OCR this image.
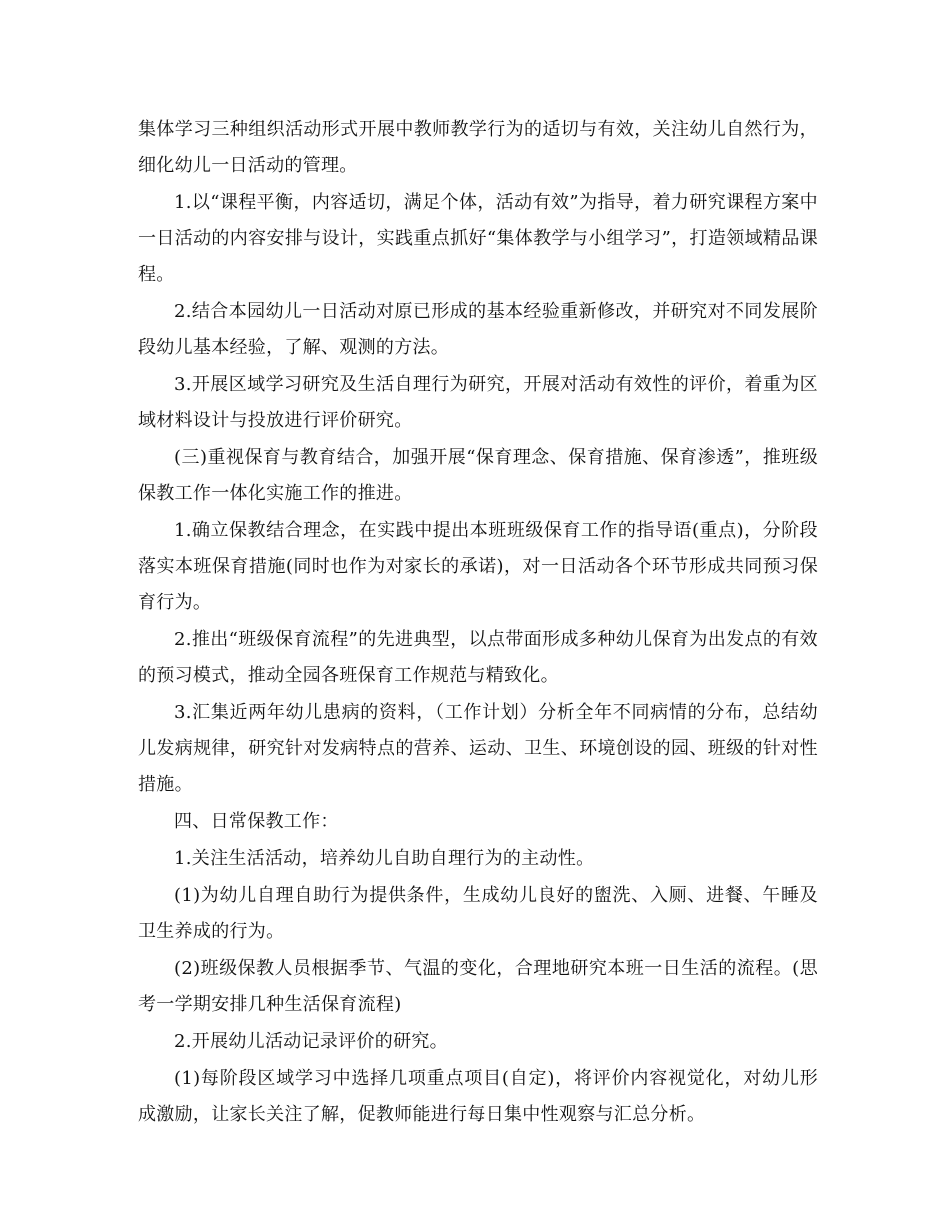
集体学习三种组织活动形式开展中教师教学行为的适切与有效，关注幼儿自然行为，细化幼儿一日活动的管理。

1.以“课程平衡，内容适切，满足个体，活动有效”为指导，着力研究课程方案中一日活动的内容安排与设计，实践重点抓好“集体教学与小组学习”，打造领域精品课程。

2.结合本园幼儿一日活动对原已形成的基本经验重新修改，并研究对不同发展阶段幼儿基本经验，了解、观测的方法。

3.开展区域学习研究及生活自理行为研究，开展对活动有效性的评价，着重为区域材料设计与投放进行评价研究。

(三)重视保育与教育结合，加强开展“保育理念、保育措施、保育渗透”，推班级保教工作一体化实施工作的推进。

1.确立保教结合理念，在实践中提出本班班级保育工作的指导语(重点)，分阶段落实本班保育措施(同时也作为对家长的承诺)，对一日活动各个环节形成共同预习保育行为。

2.推出“班级保育流程”的先进典型，以点带面形成多种幼儿保育为出发点的有效的预习模式，推动全园各班保育工作规范与精致化。

3.汇集近两年幼儿患病的资料，（工作计划）分析全年不同病情的分布，总结幼儿发病规律，研究针对发病特点的营养、运动、卫生、环境创设的园、班级的针对性措施。

四、日常保教工作：

1.关注生活活动，培养幼儿自助自理行为的主动性。

(1)为幼儿自理自助行为提供条件，生成幼儿良好的盥洗、入厕、进餐、午睡及卫生养成的行为。

(2)班级保教人员根据季节、气温的变化，合理地研究本班一日生活的流程。(思考一学期安排几种生活保育流程)

2.开展幼儿活动记录评价的研究。

(1)每阶段区域学习中选择几项重点项目(自定)，将评价内容视觉化，对幼儿形成激励，让家长关注了解，促教师能进行每日集中性观察与汇总分析。
